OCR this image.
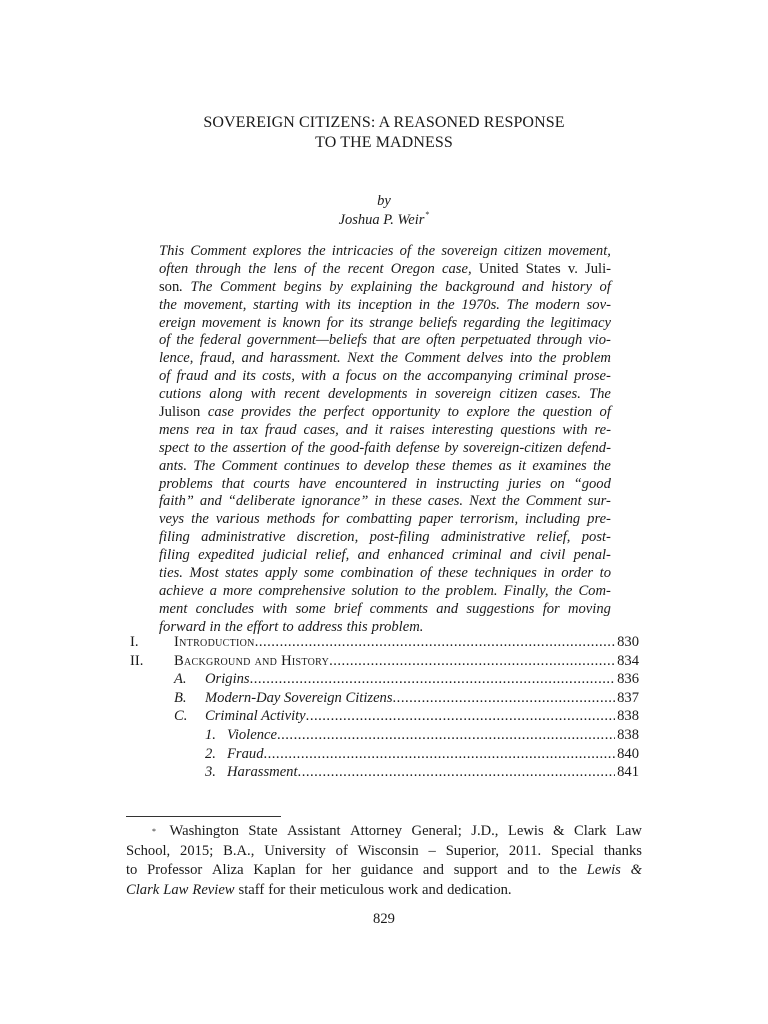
SOVEREIGN CITIZENS: A REASONED RESPONSE
TO THE MADNESS
by
Joshua P. Weir*
This Comment explores the intricacies of the sovereign citizen movement,
often through the lens of the recent Oregon case, United States v. Juli-
son. The Comment begins by explaining the background and history of
the movement, starting with its inception in the 1970s. The modern sov-
ereign movement is known for its strange beliefs regarding the legitimacy
of the federal government—beliefs that are often perpetuated through vio-
lence, fraud, and harassment. Next the Comment delves into the problem
of fraud and its costs, with a focus on the accompanying criminal prose-
cutions along with recent developments in sovereign citizen cases. The
Julison case provides the perfect opportunity to explore the question of
mens rea in tax fraud cases, and it raises interesting questions with re-
spect to the assertion of the good-faith defense by sovereign-citizen defend-
ants. The Comment continues to develop these themes as it examines the
problems that courts have encountered in instructing juries on “good
faith” and “deliberate ignorance” in these cases. Next the Comment sur-
veys the various methods for combatting paper terrorism, including pre-
filing administrative discretion, post-filing administrative relief, post-
filing expedited judicial relief, and enhanced criminal and civil penal-
ties. Most states apply some combination of these techniques in order to
achieve a more comprehensive solution to the problem. Finally, the Com-
ment concludes with some brief comments and suggestions for moving
forward in the effort to address this problem.
I. Introduction .....	830
II. Background and History .....	834
A. Origins .....	836
B. Modern-Day Sovereign Citizens .....	837
C. Criminal Activity .....	838
1. Violence .....	838
2. Fraud .....	840
3. Harassment .....	841
* Washington State Assistant Attorney General; J.D., Lewis & Clark Law
School, 2015; B.A., University of Wisconsin – Superior, 2011. Special thanks
to Professor Aliza Kaplan for her guidance and support and to the Lewis &
Clark Law Review staff for their meticulous work and dedication.
829
